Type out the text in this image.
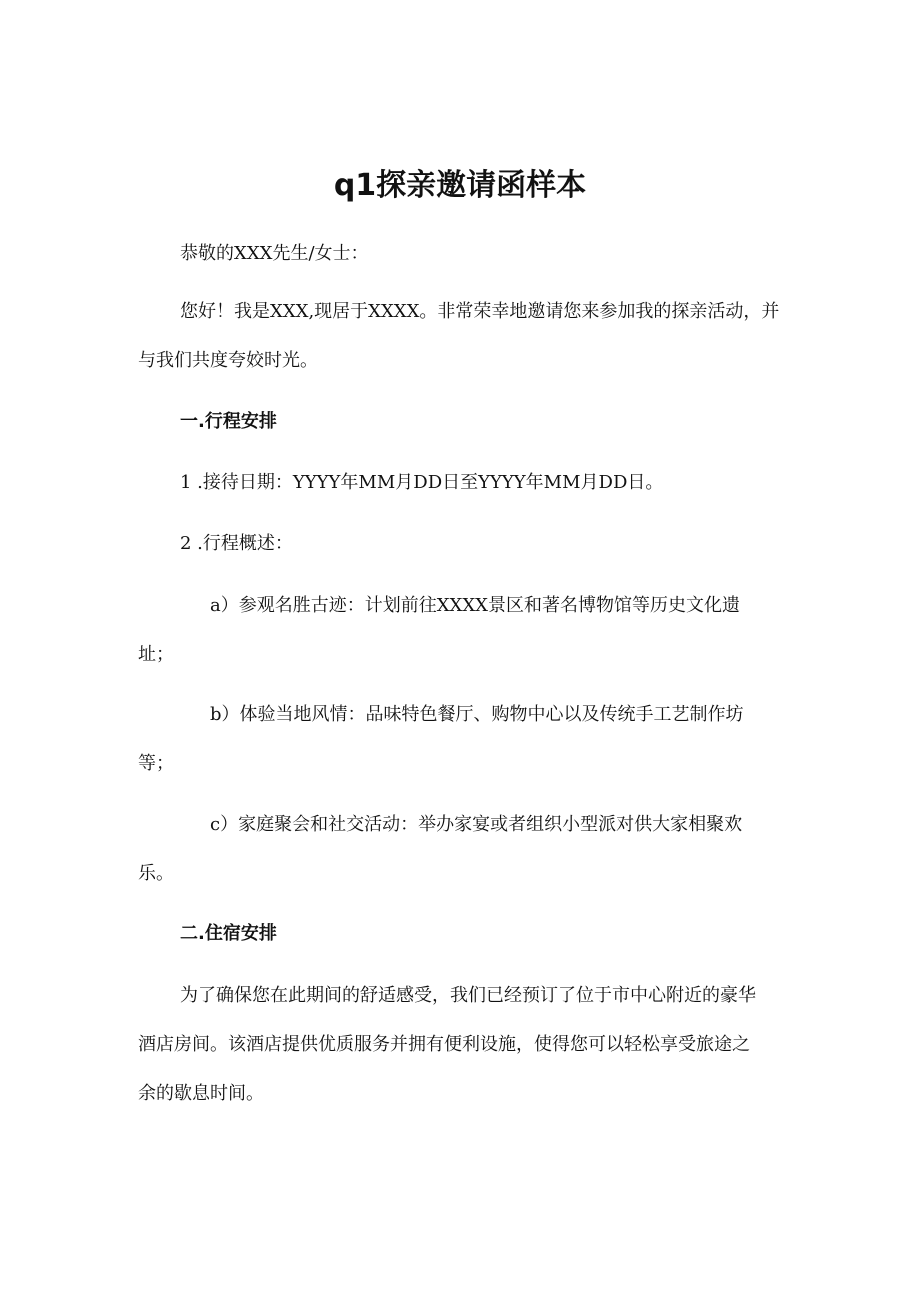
q1探亲邀请函样本
恭敬的XXX先生/女士：
您好！我是XXX,现居于XXXX。非常荣幸地邀请您来参加我的探亲活动，并
与我们共度夸姣时光。
一.行程安排
1 .接待日期：YYYY年MM月DD日至YYYY年MM月DD日。
2 .行程概述：
a）参观名胜古迹：计划前往XXXX景区和著名博物馆等历史文化遗
址；
b）体验当地风情：品味特色餐厅、购物中心以及传统手工艺制作坊
等；
c）家庭聚会和社交活动：举办家宴或者组织小型派对供大家相聚欢
乐。
二.住宿安排
为了确保您在此期间的舒适感受，我们已经预订了位于市中心附近的豪华
酒店房间。该酒店提供优质服务并拥有便利设施，使得您可以轻松享受旅途之
余的歇息时间。
